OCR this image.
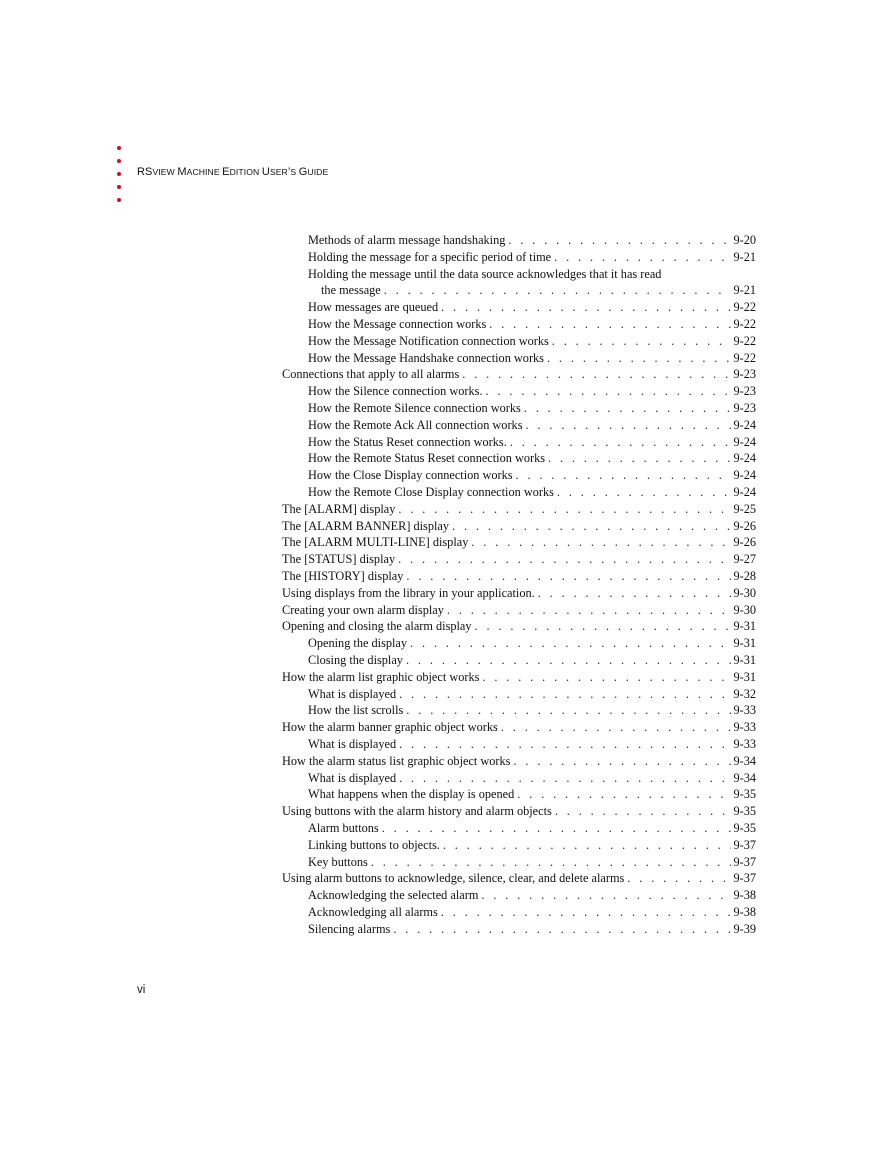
RSVIEW MACHINE EDITION USER’S GUIDE
Methods of alarm message handshaking . . .	9-20
Holding the message for a specific period of time . . .	9-21
Holding the message until the data source acknowledges that it has read
the message . . .	9-21
How messages are queued . . .	9-22
How the Message connection works . . .	9-22
How the Message Notification connection works . . .	9-22
How the Message Handshake connection works . . .	9-22
Connections that apply to all alarms . . .	9-23
How the Silence connection works. . . .	9-23
How the Remote Silence connection works . . .	9-23
How the Remote Ack All connection works . . .	9-24
How the Status Reset connection works. . . .	9-24
How the Remote Status Reset connection works . . .	9-24
How the Close Display connection works . . .	9-24
How the Remote Close Display connection works . . .	9-24
The [ALARM] display . . .	9-25
The [ALARM BANNER] display . . .	9-26
The [ALARM MULTI-LINE] display . . .	9-26
The [STATUS] display . . .	9-27
The [HISTORY] display . . .	9-28
Using displays from the library in your application. . . .	9-30
Creating your own alarm display . . .	9-30
Opening and closing the alarm display . . .	9-31
Opening the display . . .	9-31
Closing the display . . .	9-31
How the alarm list graphic object works . . .	9-31
What is displayed . . .	9-32
How the list scrolls . . .	9-33
How the alarm banner graphic object works . . .	9-33
What is displayed . . .	9-33
How the alarm status list graphic object works . . .	9-34
What is displayed . . .	9-34
What happens when the display is opened . . .	9-35
Using buttons with the alarm history and alarm objects . . .	9-35
Alarm buttons . . .	9-35
Linking buttons to objects. . . .	9-37
Key buttons . . .	9-37
Using alarm buttons to acknowledge, silence, clear, and delete alarms . . .	9-37
Acknowledging the selected alarm . . .	9-38
Acknowledging all alarms . . .	9-38
Silencing alarms . . .	9-39
vi
